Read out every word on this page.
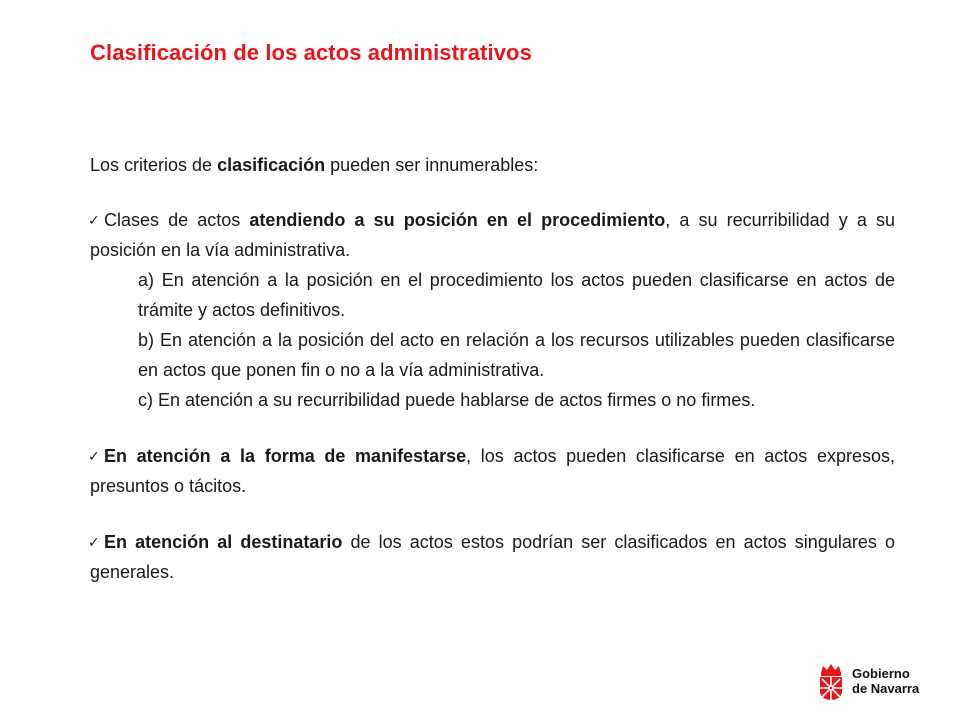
Clasificación de los actos administrativos

Los criterios de clasificación pueden ser innumerables:

✓ Clases de actos atendiendo a su posición en el procedimiento, a su recurribilidad y a su posición en la vía administrativa.

a) En atención a la posición en el procedimiento los actos pueden clasificarse en actos de trámite y actos definitivos.

b) En atención a la posición del acto en relación a los recursos utilizables pueden clasificarse en actos que ponen fin o no a la vía administrativa.

c) En atención a su recurribilidad puede hablarse de actos firmes o no firmes.

✓ En atención a la forma de manifestarse, los actos pueden clasificarse en actos expresos, presuntos o tácitos.

✓ En atención al destinatario de los actos estos podrían ser clasificados en actos singulares o generales.

Gobierno
de Navarra
